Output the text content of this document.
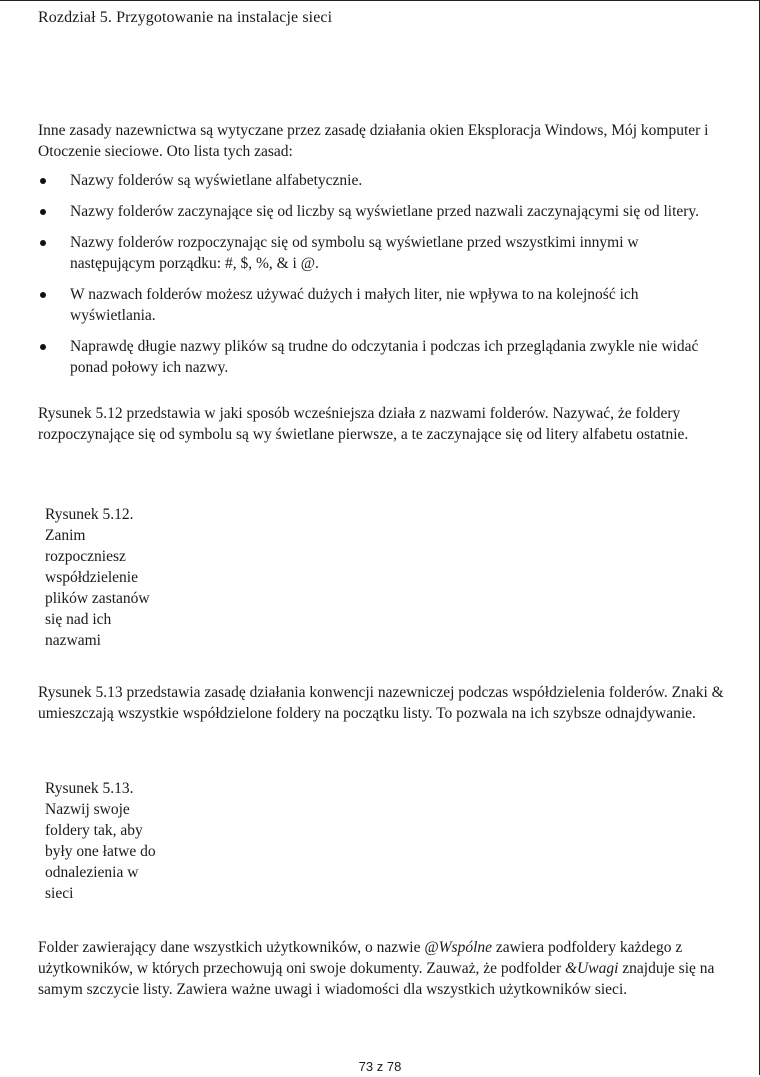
Rozdział 5. Przygotowanie na instalacje sieci

Inne zasady nazewnictwa są wytyczane przez zasadę działania okien Eksploracja Windows, Mój komputer i Otoczenie sieciowe. Oto lista tych zasad:

Nazwy folderów są wyświetlane alfabetycznie.
Nazwy folderów zaczynające się od liczby są wyświetlane przed nazwali zaczynającymi się od litery.
Nazwy folderów rozpoczynając się od symbolu są wyświetlane przed wszystkimi innymi w następującym porządku: #, $, %, & i @.
W nazwach folderów możesz używać dużych i małych liter, nie wpływa to na kolejność ich wyświetlania.
Naprawdę długie nazwy plików są trudne do odczytania i podczas ich przeglądania zwykle nie widać ponad połowy ich nazwy.

Rysunek 5.12 przedstawia w jaki sposób wcześniejsza działa z nazwami folderów. Nazywać, że foldery rozpoczynające się od symbolu są wy świetlane pierwsze, a te zaczynające się od litery alfabetu ostatnie.

Rysunek 5.12.
Zanim
rozpoczniesz
współdzielenie
plików zastanów
się nad ich
nazwami

Rysunek 5.13 przedstawia zasadę działania konwencji nazewniczej podczas współdzielenia folderów. Znaki & umieszczają wszystkie współdzielone foldery na początku listy. To pozwala na ich szybsze odnajdywanie.

Rysunek 5.13.
Nazwij swoje
foldery tak, aby
były one łatwe do
odnalezienia w
sieci

Folder zawierający dane wszystkich użytkowników, o nazwie @Wspólne zawiera podfoldery każdego z użytkowników, w których przechowują oni swoje dokumenty. Zauważ, że podfolder &Uwagi znajduje się na samym szczycie listy. Zawiera ważne uwagi i wiadomości dla wszystkich użytkowników sieci.

73 z 78
